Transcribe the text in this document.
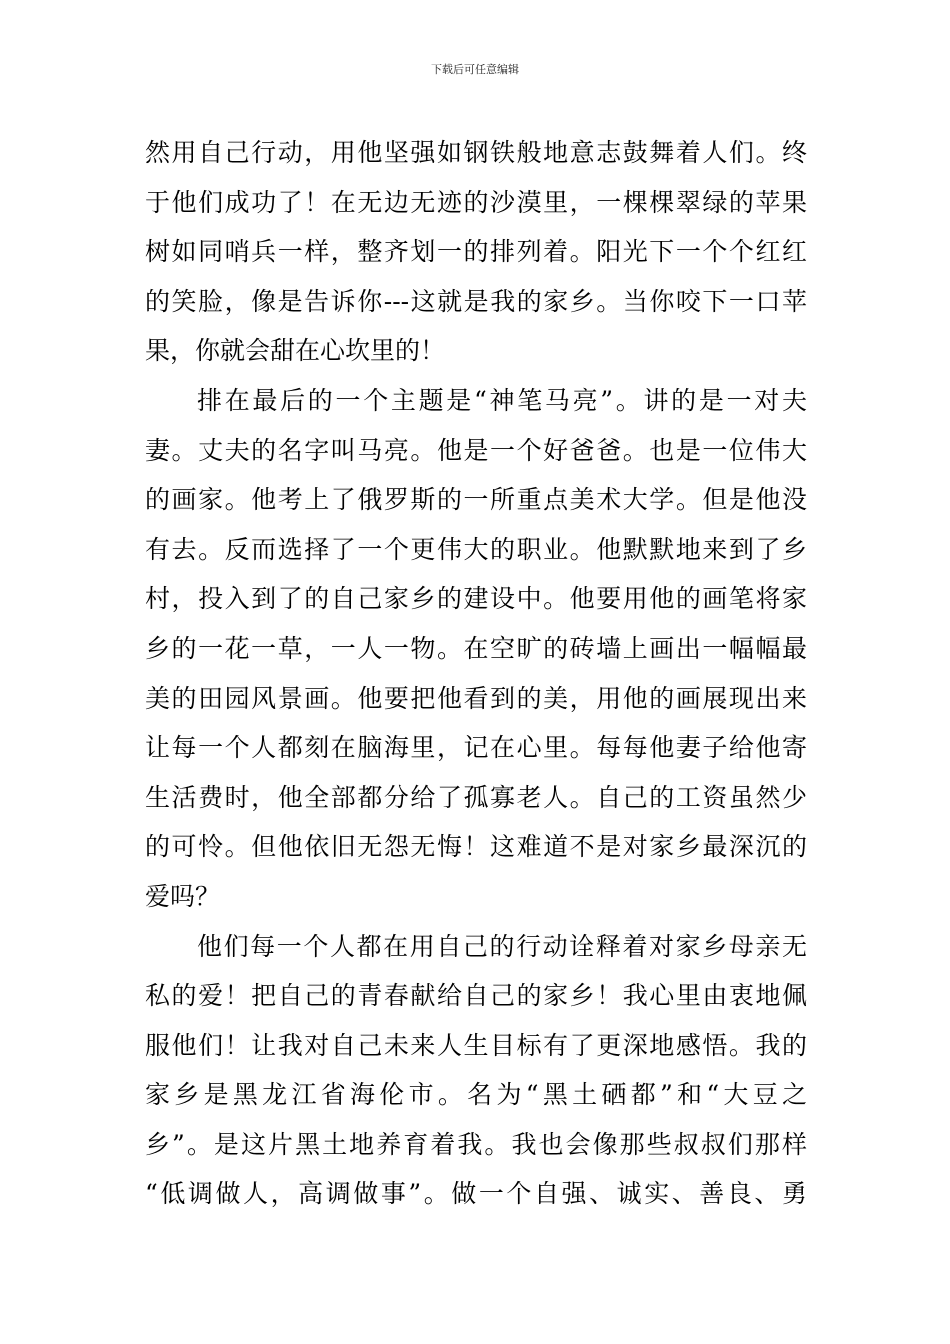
下载后可任意编辑
然用自己行动，用他坚强如钢铁般地意志鼓舞着人们。终
于他们成功了！在无边无迹的沙漠里，一棵棵翠绿的苹果
树如同哨兵一样，整齐划一的排列着。阳光下一个个红红
的笑脸，像是告诉你---这就是我的家乡。当你咬下一口苹
果，你就会甜在心坎里的！
排在最后的一个主题是“神笔马亮”。讲的是一对夫
妻。丈夫的名字叫马亮。他是一个好爸爸。也是一位伟大
的画家。他考上了俄罗斯的一所重点美术大学。但是他没
有去。反而选择了一个更伟大的职业。他默默地来到了乡
村，投入到了的自己家乡的建设中。他要用他的画笔将家
乡的一花一草，一人一物。在空旷的砖墙上画出一幅幅最
美的田园风景画。他要把他看到的美，用他的画展现出来
让每一个人都刻在脑海里，记在心里。每每他妻子给他寄
生活费时，他全部都分给了孤寡老人。自己的工资虽然少
的可怜。但他依旧无怨无悔！这难道不是对家乡最深沉的
爱吗？
他们每一个人都在用自己的行动诠释着对家乡母亲无
私的爱！把自己的青春献给自己的家乡！我心里由衷地佩
服他们！让我对自己未来人生目标有了更深地感悟。我的
家乡是黑龙江省海伦市。名为“黑土硒都”和“大豆之
乡”。是这片黑土地养育着我。我也会像那些叔叔们那样
“低调做人，高调做事”。做一个自强、诚实、善良、勇
